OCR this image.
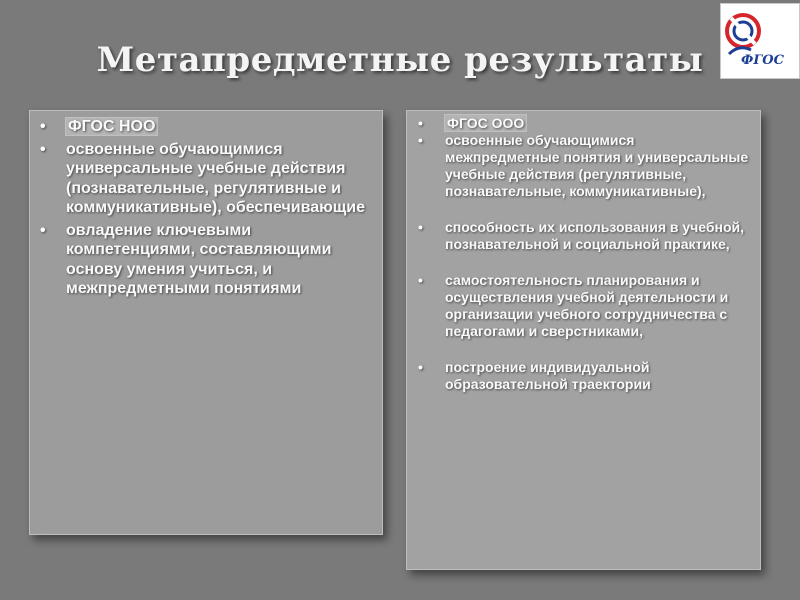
Метапредметные результаты	ФГОС
• ФГОС НОО
• освоенные обучающимися универсальные учебные действия (познавательные, регулятивные и коммуникативные), обеспечивающие
• овладение ключевыми компетенциями, составляющими основу умения учиться, и межпредметными понятиями
• ФГОС ООО
• освоенные обучающимися межпредметные понятия и универсальные учебные действия (регулятивные, познавательные, коммуникативные),
• способность их использования в учебной, познавательной и социальной практике,
• самостоятельность планирования и осуществления учебной деятельности и организации учебного сотрудничества с педагогами и сверстниками,
• построение индивидуальной образовательной траектории
